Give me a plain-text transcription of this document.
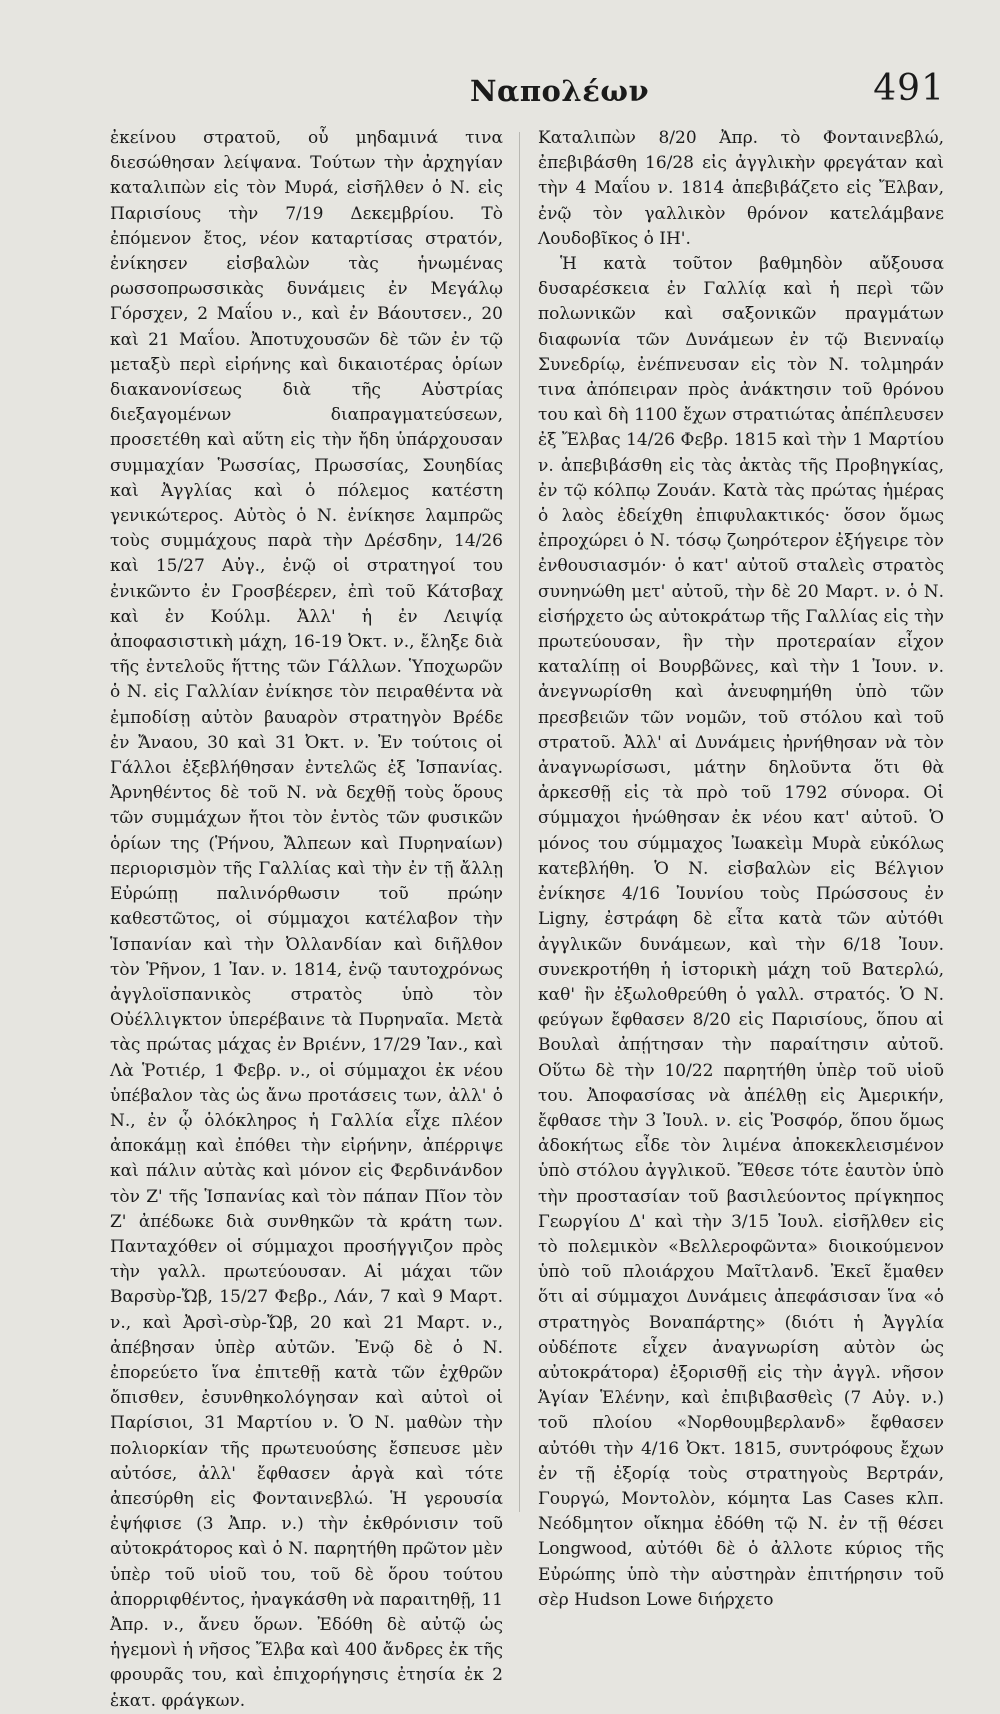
Ναπολέων	491

ἐκείνου στρατοῦ, οὗ μηδαμινά τινα διεσώθησαν λείψανα. Τούτων τὴν ἀρχηγίαν καταλιπὼν εἰς τὸν Μυρά, εἰσῆλθεν ὁ Ν. εἰς Παρισίους τὴν 7/19 Δεκεμβρίου. Τὸ ἐπόμενον ἔτος, νέον καταρτίσας στρατόν, ἐνίκησεν εἰσβαλὼν τὰς ἡνωμένας ρωσσοπρωσσικὰς δυνάμεις ἐν Μεγάλῳ Γόρσχεν, 2 Μαΐου ν., καὶ ἐν Βάουτσεν., 20 καὶ 21 Μαΐου. Ἀποτυχουσῶν δὲ τῶν ἐν τῷ μεταξὺ περὶ εἰρήνης καὶ δικαιοτέρας ὁρίων διακανονίσεως διὰ τῆς Αὐστρίας διεξαγομένων διαπραγματεύσεων, προσετέθη καὶ αὕτη εἰς τὴν ἤδη ὑπάρχουσαν συμμαχίαν Ῥωσσίας, Πρωσσίας, Σουηδίας καὶ Ἀγγλίας καὶ ὁ πόλεμος κατέστη γενικώτερος. Αὐτὸς ὁ Ν. ἐνίκησε λαμπρῶς τοὺς συμμάχους παρὰ τὴν Δρέσδην, 14/26 καὶ 15/27 Αὐγ., ἐνῷ οἱ στρατηγοί του ἐνικῶντο ἐν Γροσβέερεν, ἐπὶ τοῦ Κάτσβαχ καὶ ἐν Κούλμ. Ἀλλ' ἡ ἐν Λειψίᾳ ἀποφασιστικὴ μάχη, 16-19 Ὀκτ. ν., ἔληξε διὰ τῆς ἐντελοῦς ἥττης τῶν Γάλλων. Ὑποχωρῶν ὁ Ν. εἰς Γαλλίαν ἐνίκησε τὸν πειραθέντα νὰ ἐμποδίσῃ αὐτὸν βαυαρὸν στρατηγὸν Βρέδε ἐν Ἄναου, 30 καὶ 31 Ὀκτ. ν. Ἐν τούτοις οἱ Γάλλοι ἐξεβλήθησαν ἐντελῶς ἐξ Ἱσπανίας. Ἀρνηθέντος δὲ τοῦ Ν. νὰ δεχθῇ τοὺς ὅρους τῶν συμμάχων ἤτοι τὸν ἐντὸς τῶν φυσικῶν ὁρίων της (Ῥήνου, Ἄλπεων καὶ Πυρηναίων) περιορισμὸν τῆς Γαλλίας καὶ τὴν ἐν τῇ ἄλλῃ Εὐρώπῃ παλινόρθωσιν τοῦ πρώην καθεστῶτος, οἱ σύμμαχοι κατέλαβον τὴν Ἱσπανίαν καὶ τὴν Ὀλλανδίαν καὶ διῆλθον τὸν Ῥῆνον, 1 Ἰαν. ν. 1814, ἐνῷ ταυτοχρόνως ἀγγλοϊσπανικὸς στρατὸς ὑπὸ τὸν Οὐέλλιγκτον ὑπερέβαινε τὰ Πυρηναῖα. Μετὰ τὰς πρώτας μάχας ἐν Βριένν, 17/29 Ἰαν., καὶ Λὰ Ῥοτιέρ, 1 Φεβρ. ν., οἱ σύμμαχοι ἐκ νέου ὑπέβαλον τὰς ὡς ἄνω προτάσεις των, ἀλλ' ὁ Ν., ἐν ᾧ ὁλόκληρος ἡ Γαλλία εἶχε πλέον ἀποκάμῃ καὶ ἐπόθει τὴν εἰρήνην, ἀπέρριψε καὶ πάλιν αὐτὰς καὶ μόνον εἰς Φερδινάνδον τὸν Ζ' τῆς Ἱσπανίας καὶ τὸν πάπαν Πῖον τὸν Ζ' ἀπέδωκε διὰ συνθηκῶν τὰ κράτη των. Πανταχόθεν οἱ σύμμαχοι προσήγγιζον πρὸς τὴν γαλλ. πρωτεύουσαν. Αἱ μάχαι τῶν Βαρσὺρ-Ὤβ, 15/27 Φεβρ., Λάν, 7 καὶ 9 Μαρτ. ν., καὶ Ἀρσὶ-σὺρ-Ὤβ, 20 καὶ 21 Μαρτ. ν., ἀπέβησαν ὑπὲρ αὐτῶν. Ἐνῷ δὲ ὁ Ν. ἐπορεύετο ἵνα ἐπιτεθῇ κατὰ τῶν ἐχθρῶν ὄπισθεν, ἐσυνθηκολόγησαν καὶ αὐτοὶ οἱ Παρίσιοι, 31 Μαρτίου ν. Ὁ Ν. μαθὼν τὴν πολιορκίαν τῆς πρωτευούσης ἔσπευσε μὲν αὐτόσε, ἀλλ' ἔφθασεν ἀργὰ καὶ τότε ἀπεσύρθη εἰς Φονταινεβλώ. Ἡ γερουσία ἐψήφισε (3 Ἀπρ. ν.) τὴν ἐκθρόνισιν τοῦ αὐτοκράτορος καὶ ὁ Ν. παρητήθη πρῶτον μὲν ὑπὲρ τοῦ υἱοῦ του, τοῦ δὲ ὅρου τούτου ἀπορριφθέντος, ἠναγκάσθη νὰ παραιτηθῇ, 11 Ἀπρ. ν., ἄνευ ὅρων. Ἐδόθη δὲ αὐτῷ ὡς ἡγεμονὶ ἡ νῆσος Ἔλβα καὶ 400 ἄνδρες ἐκ τῆς φρουρᾶς του, καὶ ἐπιχορήγησις ἐτησία ἐκ 2 ἑκατ. φράγκων.

Καταλιπὼν 8/20 Ἀπρ. τὸ Φονταινεβλώ, ἐπεβιβάσθη 16/28 εἰς ἀγγλικὴν φρεγάταν καὶ τὴν 4 Μαΐου ν. 1814 ἀπεβιβάζετο εἰς Ἔλβαν, ἐνῷ τὸν γαλλικὸν θρόνον κατελάμβανε Λουδοβῖκος ὁ ΙΗ'.

Ἡ κατὰ τοῦτον βαθμηδὸν αὔξουσα δυσαρέσκεια ἐν Γαλλίᾳ καὶ ἡ περὶ τῶν πολωνικῶν καὶ σαξονικῶν πραγμάτων διαφωνία τῶν Δυνάμεων ἐν τῷ Βιενναίῳ Συνεδρίῳ, ἐνέπνευσαν εἰς τὸν Ν. τολμηράν τινα ἀπόπειραν πρὸς ἀνάκτησιν τοῦ θρόνου του καὶ δὴ 1100 ἔχων στρατιώτας ἀπέπλευσεν ἐξ Ἔλβας 14/26 Φεβρ. 1815 καὶ τὴν 1 Μαρτίου ν. ἀπεβιβάσθη εἰς τὰς ἀκτὰς τῆς Προβηγκίας, ἐν τῷ κόλπῳ Ζουάν. Κατὰ τὰς πρώτας ἡμέρας ὁ λαὸς ἐδείχθη ἐπιφυλακτικός· ὅσον ὅμως ἐπροχώρει ὁ Ν. τόσῳ ζωηρότερον ἐξήγειρε τὸν ἐνθουσιασμόν· ὁ κατ' αὐτοῦ σταλεὶς στρατὸς συνηνώθη μετ' αὐτοῦ, τὴν δὲ 20 Μαρτ. ν. ὁ Ν. εἰσήρχετο ὡς αὐτοκράτωρ τῆς Γαλλίας εἰς τὴν πρωτεύουσαν, ἣν τὴν προτεραίαν εἶχον καταλίπῃ οἱ Βουρβῶνες, καὶ τὴν 1 Ἰουν. ν. ἀνεγνωρίσθη καὶ ἀνευφημήθη ὑπὸ τῶν πρεσβειῶν τῶν νομῶν, τοῦ στόλου καὶ τοῦ στρατοῦ. Ἀλλ' αἱ Δυνάμεις ἠρνήθησαν νὰ τὸν ἀναγνωρίσωσι, μάτην δηλοῦντα ὅτι θὰ ἀρκεσθῇ εἰς τὰ πρὸ τοῦ 1792 σύνορα. Οἱ σύμμαχοι ἡνώθησαν ἐκ νέου κατ' αὐτοῦ. Ὁ μόνος του σύμμαχος Ἰωακεὶμ Μυρὰ εὐκόλως κατεβλήθη. Ὁ Ν. εἰσβαλὼν εἰς Βέλγιον ἐνίκησε 4/16 Ἰουνίου τοὺς Πρώσσους ἐν Ligny, ἐστράφη δὲ εἶτα κατὰ τῶν αὐτόθι ἀγγλικῶν δυνάμεων, καὶ τὴν 6/18 Ἰουν. συνεκροτήθη ἡ ἱστορικὴ μάχη τοῦ Βατερλώ, καθ' ἣν ἐξωλοθρεύθη ὁ γαλλ. στρατός. Ὁ Ν. φεύγων ἔφθασεν 8/20 εἰς Παρισίους, ὅπου αἱ Βουλαὶ ἀπῄτησαν τὴν παραίτησιν αὐτοῦ. Οὕτω δὲ τὴν 10/22 παρητήθη ὑπὲρ τοῦ υἱοῦ του. Ἀποφασίσας νὰ ἀπέλθῃ εἰς Ἀμερικήν, ἔφθασε τὴν 3 Ἰουλ. ν. εἰς Ῥοσφόρ, ὅπου ὅμως ἀδοκήτως εἶδε τὸν λιμένα ἀποκεκλεισμένον ὑπὸ στόλου ἀγγλικοῦ. Ἔθεσε τότε ἑαυτὸν ὑπὸ τὴν προστασίαν τοῦ βασιλεύοντος πρίγκηπος Γεωργίου Δ' καὶ τὴν 3/15 Ἰουλ. εἰσῆλθεν εἰς τὸ πολεμικὸν «Βελλεροφῶντα» διοικούμενον ὑπὸ τοῦ πλοιάρχου Μαῖτλανδ. Ἐκεῖ ἔμαθεν ὅτι αἱ σύμμαχοι Δυνάμεις ἀπεφάσισαν ἵνα «ὁ στρατηγὸς Βοναπάρτης» (διότι ἡ Ἀγγλία οὐδέποτε εἶχεν ἀναγνωρίση αὐτὸν ὡς αὐτοκράτορα) ἐξορισθῇ εἰς τὴν ἀγγλ. νῆσον Ἁγίαν Ἑλένην, καὶ ἐπιβιβασθεὶς (7 Αὐγ. ν.) τοῦ πλοίου «Νορθουμβερλανδ» ἔφθασεν αὐτόθι τὴν 4/16 Ὀκτ. 1815, συντρόφους ἔχων ἐν τῇ ἐξορίᾳ τοὺς στρατηγοὺς Βερτράν, Γουργώ, Μοντολὸν, κόμητα Las Cases κλπ. Νεόδμητον οἴκημα ἐδόθη τῷ Ν. ἐν τῇ θέσει Longwood, αὐτόθι δὲ ὁ ἀλλοτε κύριος τῆς Εὐρώπης ὑπὸ τὴν αὐστηρὰν ἐπιτήρησιν τοῦ σὲρ Hudson Lowe διήρχετο
